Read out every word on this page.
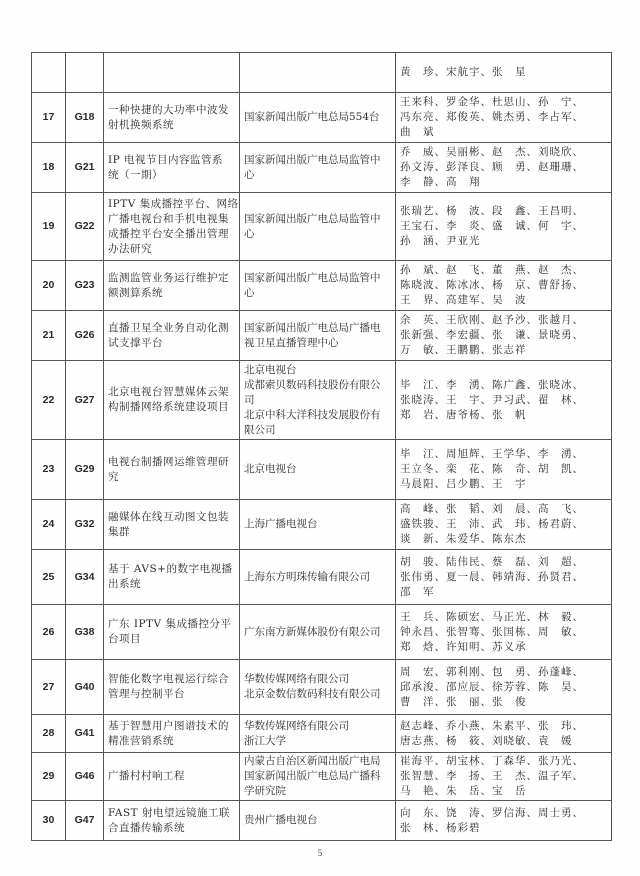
				黄　珍、宋航宇、张　星

17	G18	一种快捷的大功率中波发
射机换频系统	国家新闻出版广电总局554台	王来科、罗金华、杜思山、孙　宁、
冯东亮、郑俊英、姚杰勇、李占军、
曲　斌

18	G21	IP 电视节目内容监管系
统（一期）	国家新闻出版广电总局监管中
心	乔　威、吴丽彬、赵　杰、刘晓欣、
孙文涛、彭泽良、顾　勇、赵珊珊、
李　静、高　翔

19	G22	IPTV 集成播控平台、网络
广播电视台和手机电视集
成播控平台安全播出管理
办法研究	国家新闻出版广电总局监管中
心	张瑞艺、杨　波、段　鑫、王昌明、
王宝石、李　炎、盛　诚、何　宇、
孙　涵、尹亚光

20	G23	监测监管业务运行维护定
额测算系统	国家新闻出版广电总局监管中
心	孙　斌、赵　飞、董　燕、赵　杰、
陈晓波、陈冰冰、杨　京、曹舒扬、
王　界、高建军、吴　波

21	G26	直播卫星全业务自动化测
试支撑平台	国家新闻出版广电总局广播电
视卫星直播管理中心	余　英、王欣刚、赵予沙、张越月、
张新强、李宏疆、张　谦、景晓勇、
万　敏、王鹏鹏、张志祥

22	G27	北京电视台智慧媒体云架
构制播网络系统建设项目	北京电视台
成都索贝数码科技股份有限公
司
北京中科大洋科技发展股份有
限公司	毕　江、李　湧、陈广鑫、张晓冰、
张晓涛、王　宇、尹习武、翟　林、
郑　岩、唐爷杨、张　帆

23	G29	电视台制播网运维管理研
究	北京电视台	毕　江、周旭辉、王学华、李　湧、
王立冬、栾　花、陈　奇、胡　凯、
马晨阳、吕少鹏、王　宇

24	G32	融媒体在线互动图文包装
集群	上海广播电视台	高　峰、张　韬、刘　晨、高　飞、
盛铁骏、王　沛、武　玮、杨君蔚、
谈　新、朱爱华、陈东杰

25	G34	基于 AVS+的数字电视播
出系统	上海东方明珠传输有限公司	胡　骏、陆伟民、蔡　磊、刘　超、
张伟勇、夏一晨、韩靖海、孙贤君、
邵　军

26	G38	广东 IPTV 集成播控分平
台项目	广东南方新媒体股份有限公司	王　兵、陈硕宏、马正光、林　毅、
钟永昌、张智骞、张国栋、周　敏、
郑　焓、许知明、苏义承

27	G40	智能化数字电视运行综合
管理与控制平台	华数传媒网络有限公司
北京金数信数码科技有限公司	周　宏、郭利刚、包　勇、孙蓬峰、
邱承浚、邵应辰、徐芳蓉、陈　昊、
曹　洋、张　丽、张　俊

28	G41	基于智慧用户图谱技术的
精准营销系统	华数传媒网络有限公司
浙江大学	赵志峰、乔小燕、朱素平、张　玮、
唐志燕、杨　筱、刘晓敏、袁　媛

29	G46	广播村村响工程	内蒙古自治区新闻出版广电局
国家新闻出版广电总局广播科
学研究院	崔海平、胡宝林、丁森华、张乃光、
张智慧、李　扬、王　杰、温子军、
马　艳、朱　岳、宝　岳

30	G47	FAST 射电望远镜施工联
合直播传输系统	贵州广播电视台	向　东、饶　涛、罗信海、周士勇、
张　林、杨彩碧
5
